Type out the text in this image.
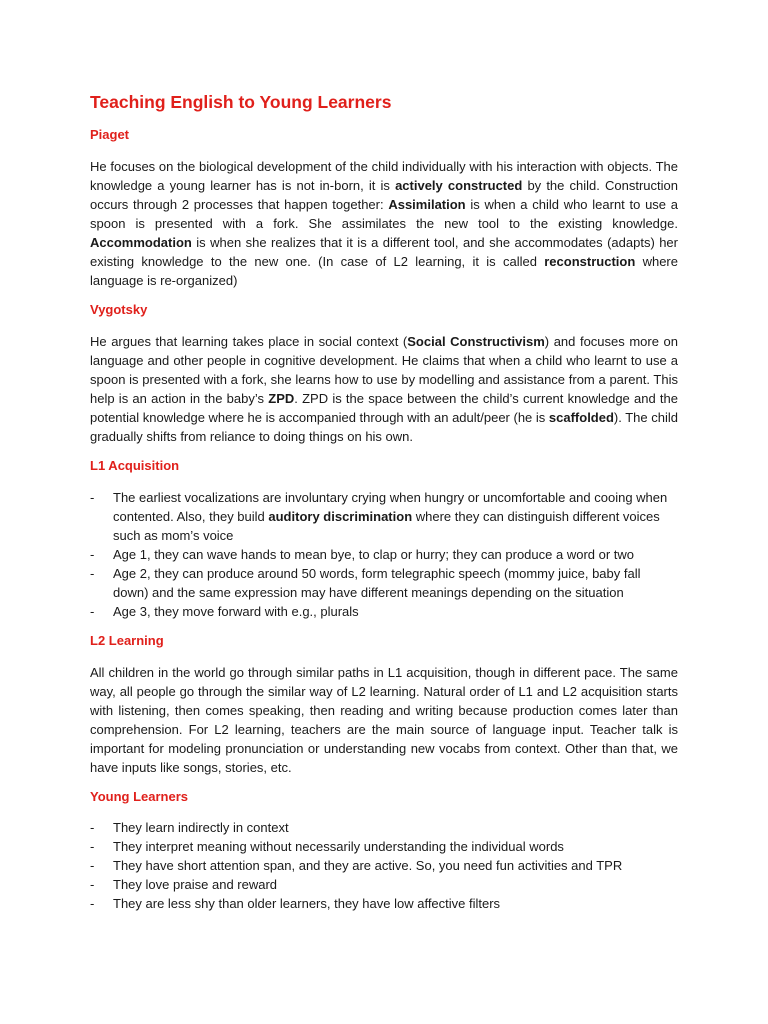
Teaching English to Young Learners
Piaget

He focuses on the biological development of the child individually with his interaction with objects. The knowledge a young learner has is not in-born, it is actively constructed by the child. Construction occurs through 2 processes that happen together: Assimilation is when a child who learnt to use a spoon is presented with a fork. She assimilates the new tool to the existing knowledge. Accommodation is when she realizes that it is a different tool, and she accommodates (adapts) her existing knowledge to the new one. (In case of L2 learning, it is called reconstruction where language is re-organized)

Vygotsky

He argues that learning takes place in social context (Social Constructivism) and focuses more on language and other people in cognitive development. He claims that when a child who learnt to use a spoon is presented with a fork, she learns how to use by modelling and assistance from a parent. This help is an action in the baby’s ZPD. ZPD is the space between the child’s current knowledge and the potential knowledge where he is accompanied through with an adult/peer (he is scaffolded). The child gradually shifts from reliance to doing things on his own.

L1 Acquisition
- The earliest vocalizations are involuntary crying when hungry or uncomfortable and cooing when contented. Also, they build auditory discrimination where they can distinguish different voices such as mom’s voice
- Age 1, they can wave hands to mean bye, to clap or hurry; they can produce a word or two
- Age 2, they can produce around 50 words, form telegraphic speech (mommy juice, baby fall down) and the same expression may have different meanings depending on the situation
- Age 3, they move forward with e.g., plurals
L2 Learning

All children in the world go through similar paths in L1 acquisition, though in different pace. The same way, all people go through the similar way of L2 learning. Natural order of L1 and L2 acquisition starts with listening, then comes speaking, then reading and writing because production comes later than comprehension. For L2 learning, teachers are the main source of language input. Teacher talk is important for modeling pronunciation or understanding new vocabs from context. Other than that, we have inputs like songs, stories, etc.

Young Learners
- They learn indirectly in context
- They interpret meaning without necessarily understanding the individual words
- They have short attention span, and they are active. So, you need fun activities and TPR
- They love praise and reward
- They are less shy than older learners, they have low affective filters
